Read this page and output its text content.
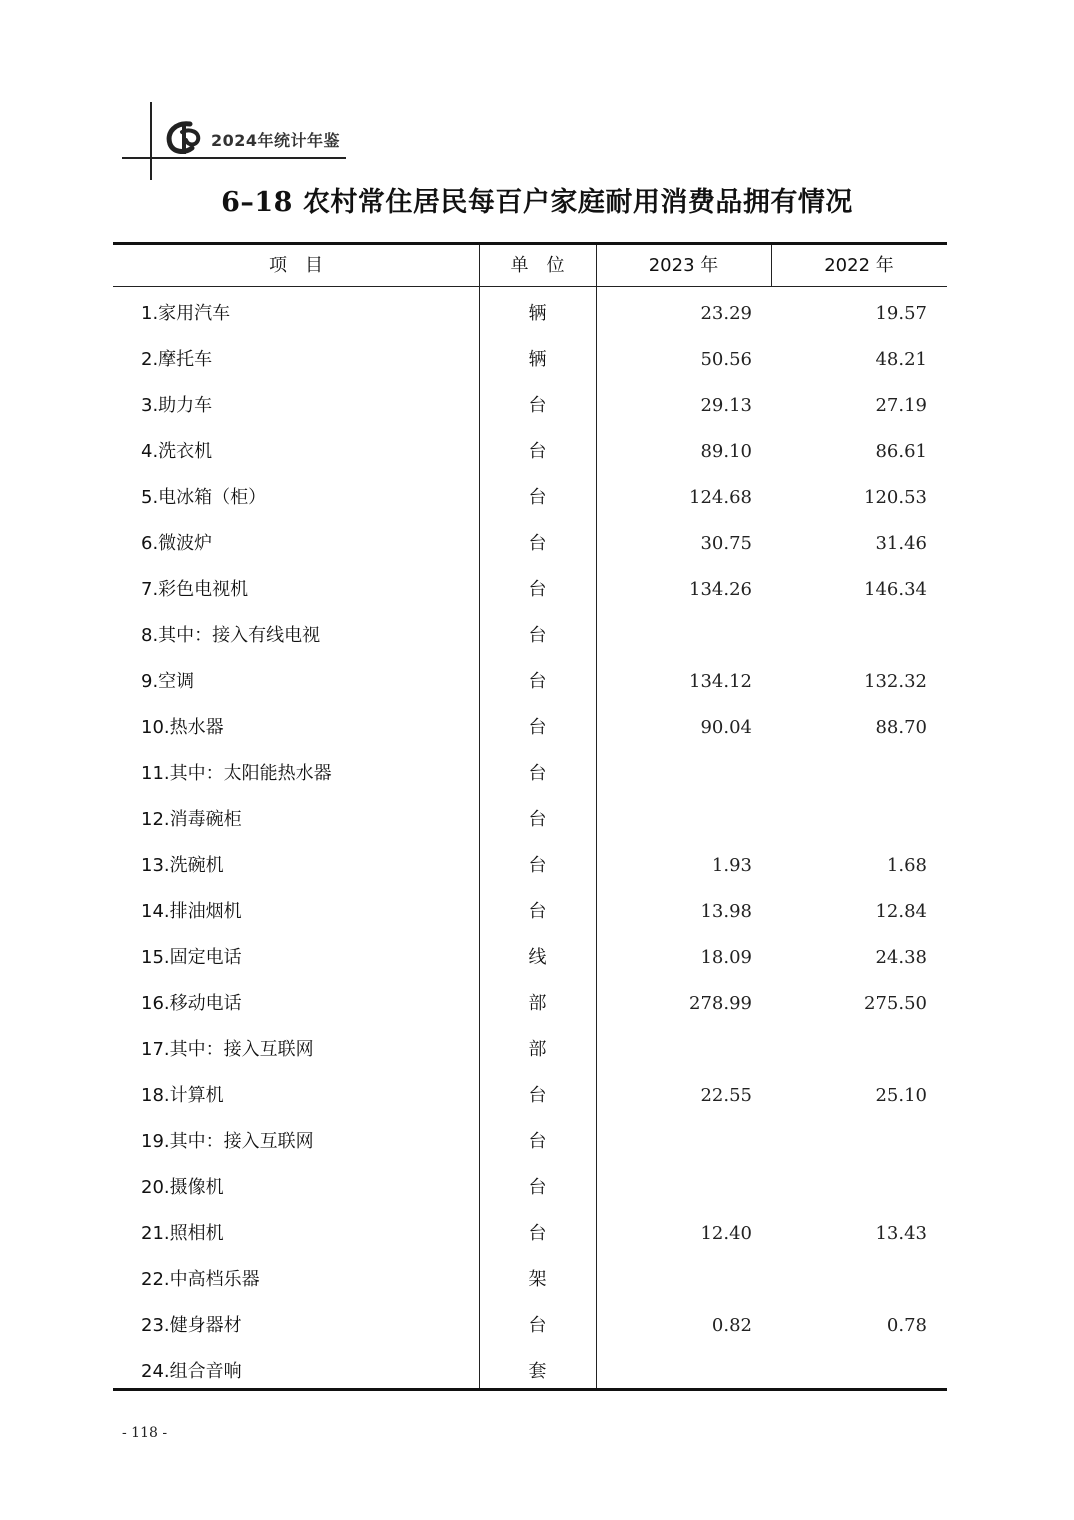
2024年统计年鉴
6–18 农村常住居民每百户家庭耐用消费品拥有情况
项　目	单　位	2023 年	2022 年
1.家用汽车	辆	23.29	19.57
2.摩托车	辆	50.56	48.21
3.助力车	台	29.13	27.19
4.洗衣机	台	89.10	86.61
5.电冰箱（柜）	台	124.68	120.53
6.微波炉	台	30.75	31.46
7.彩色电视机	台	134.26	146.34
8.其中：接入有线电视	台
9.空调	台	134.12	132.32
10.热水器	台	90.04	88.70
11.其中：太阳能热水器	台
12.消毒碗柜	台
13.洗碗机	台	1.93	1.68
14.排油烟机	台	13.98	12.84
15.固定电话	线	18.09	24.38
16.移动电话	部	278.99	275.50
17.其中：接入互联网	部
18.计算机	台	22.55	25.10
19.其中：接入互联网	台
20.摄像机	台
21.照相机	台	12.40	13.43
22.中高档乐器	架
23.健身器材	台	0.82	0.78
24.组合音响	套
- 118 -
